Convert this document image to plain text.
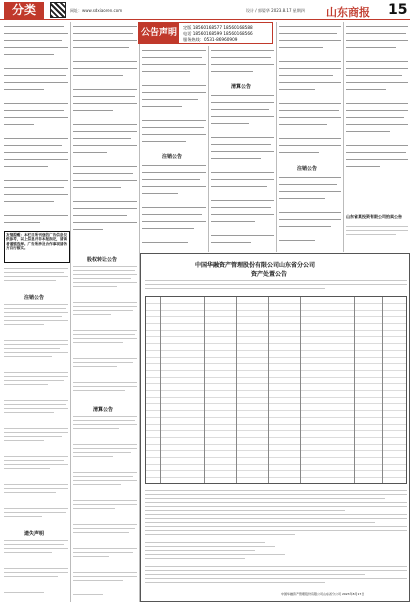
分类	网址：www.sdxiaoren.com	设计 / 郭晏华 2023.8.17 星期四 山东商报 15
友情提醒：本栏目所刊登的广告信息仅供参考，以上信息并非本报指定，请读者谨慎选择。广告所涉及合作事项请各方自行核实。
注销公告
遗失声明
股权转让公告
清算公告
公告声明
定版 18560168577 18560168588
电话 18560168599 18560168566
服务热线：0531-86960909
注销公告
清算公告
注销公告
山东省某投资有限公司拍卖公告
中国华融资产管理股份有限公司山东省分公司
资产处置公告
中国华融资产管理股份有限公司山东省分公司 2023年8月17日
